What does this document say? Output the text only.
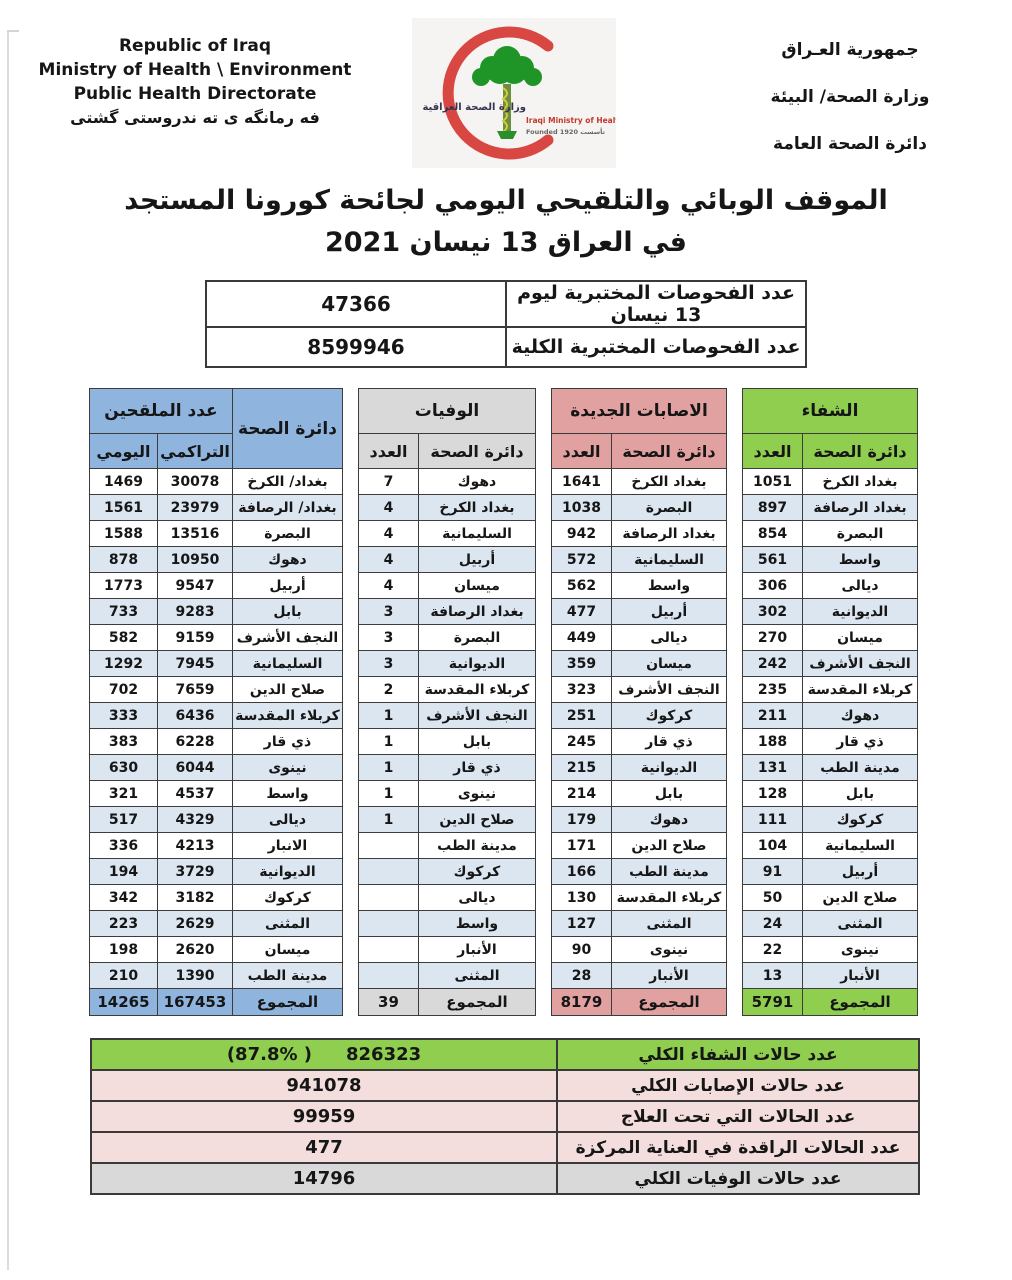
Republic of Iraq
Ministry of Health \ Environment
Public Health Directorate
فه رمانگه ى ته ندروستى گشتى
وزارة الصحة العراقية
Iraqi Ministry of Health
Founded 1920 تأسست
جمهورية العـراق
وزارة الصحة/ البيئة
دائرة الصحة العامة
الموقف الوبائي والتلقيحي اليومي لجائحة كورونا المستجد
في العراق 13 نيسان 2021
عدد الفحوصات المختبرية ليوم 13 نيسان	47366
عدد الفحوصات المختبرية الكلية	8599946
الشفاء	
دائرة الصحة	العدد
بغداد الكرخ	1051
بغداد الرصافة	897
البصرة	854
واسط	561
ديالى	306
الديوانية	302
ميسان	270
النجف الأشرف	242
كربلاء المقدسة	235
دهوك	211
ذي قار	188
مدينة الطب	131
بابل	128
كركوك	111
السليمانية	104
أربيل	91
صلاح الدين	50
المثنى	24
نينوى	22
الأنبار	13
المجموع	5791
الاصابات الجديدة	
دائرة الصحة	العدد
بغداد الكرخ	1641
البصرة	1038
بغداد الرصافة	942
السليمانية	572
واسط	562
أربيل	477
ديالى	449
ميسان	359
النجف الأشرف	323
كركوك	251
ذي قار	245
الديوانية	215
بابل	214
دهوك	179
صلاح الدين	171
مدينة الطب	166
كربلاء المقدسة	130
المثنى	127
نينوى	90
الأنبار	28
المجموع	8179
الوفيات	
دائرة الصحة	العدد
دهوك	7
بغداد الكرخ	4
السليمانية	4
أربيل	4
ميسان	4
بغداد الرصافة	3
البصرة	3
الديوانية	3
كربلاء المقدسة	2
النجف الأشرف	1
بابل	1
ذي قار	1
نينوى	1
صلاح الدين	1
مدينة الطب	
كركوك	
ديالى	
واسط	
الأنبار	
المثنى	
المجموع	39
دائرة الصحة	عدد الملقحين	
	التراكمي	اليومي
بغداد/ الكرخ	30078	1469
بغداد/ الرصافة	23979	1561
البصرة	13516	1588
دهوك	10950	878
أربيل	9547	1773
بابل	9283	733
النجف الأشرف	9159	582
السليمانية	7945	1292
صلاح الدين	7659	702
كربلاء المقدسة	6436	333
ذي قار	6228	383
نينوى	6044	630
واسط	4537	321
ديالى	4329	517
الانبار	4213	336
الديوانية	3729	194
كركوك	3182	342
المثنى	2629	223
ميسان	2620	198
مدينة الطب	1390	210
المجموع	167453	14265
عدد حالات الشفاء الكلي	(87.8% ) 826323

عدد حالات الإصابات الكلي	941078
عدد الحالات التي تحت العلاج	99959
عدد الحالات الراقدة في العناية المركزة	477
عدد حالات الوفيات الكلي	14796
